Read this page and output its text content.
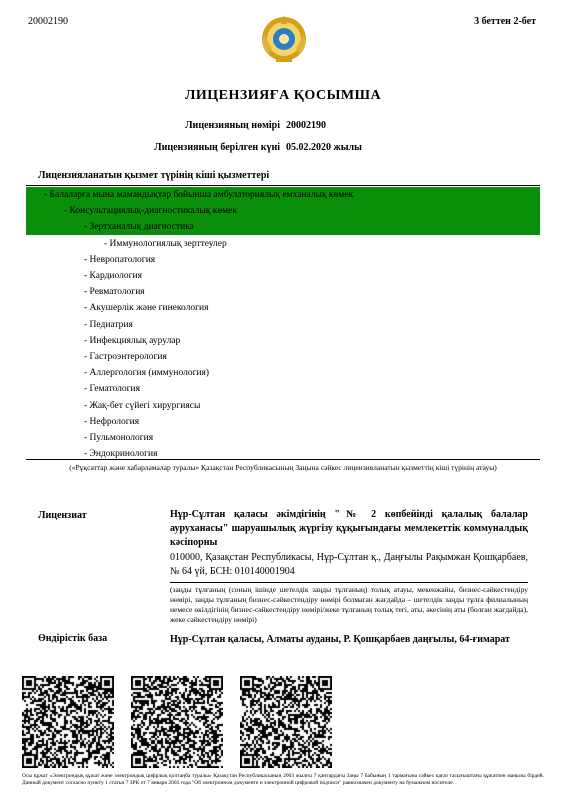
20002190	3 беттен 2-бет
ЛИЦЕНЗИЯҒА ҚОСЫМША
Лицензияның нөмірі 20002190
Лицензияның берілген күні 05.02.2020 жылы
Лицензияланатын қызмет түрінің кіші қызметтері
- Балаларға мына мамандықтар бойынша амбулаториялық емханалық көмек
- Консультациялық-диагностикалық көмек
- Зертханалық диагностика
- Иммунологиялық зерттеулер
- Невропатология
- Кардиология
- Ревматология
- Акушерлік және гинекология
- Педиатрия
- Инфекциялық аурулар
- Гастроэнтерология
- Аллергология (иммунология)
- Гематология
- Жақ-бет сүйегі хирургиясы
- Нефрология
- Пульмонология
- Эндокринология
(«Рұқсаттар және хабарламалар туралы» Қазақстан Республикасының Заңына сәйкес лицензияланатын қызметтің кіші түрінің атауы)
Лицензиат	Нұр-Сұлтан қаласы әкімдігінің "№ 2 көпбейінді қалалық балалар ауруханасы" шаруашылық жүргізу құқығындағы мемлекеттік коммуналдық кәсіпорны
010000, Қазақстан Республикасы, Нұр-Сұлтан қ., Даңғылы Рақымжан Қошқарбаев, № 64 үй, БСН: 010140001904
(заңды тұлғаның (соның ішінде шетелдік заңды тұлғаның) толық атауы, мекенжайы, бизнес-сәйкестендіру нөмірі, заңды тұлғаның бизнес-сәйкестендіру нөмірі болмаған жағдайда – шетелдік заңды тұлға филиалының немесе өкілдігінің бизнес-сәйкестендіру нөмірі/жеке тұлғаның толық тегі, аты, әкесінің аты (болған жағдайда), жеке сәйкестендіру нөмірі)
Өндірістік база	Нұр-Сұлтан қаласы, Алматы ауданы, Р. Қошқарбаев даңғылы, 64-ғимарат
Осы құжат «Электрондық құжат және электрондық цифрлық қолтаңба туралы» Қазақстан Республикасының 2003 жылғы 7 қаңтардағы Заңы 7 бабының 1 тармағына сәйкес қағаз тасығыштағы құжатпен маңызы бірдей. Данный документ согласно пункту 1 статьи 7 ЗРК от 7 января 2003 года "Об электронном документе и электронной цифровой подписи" равнозначен документу на бумажном носителе.
